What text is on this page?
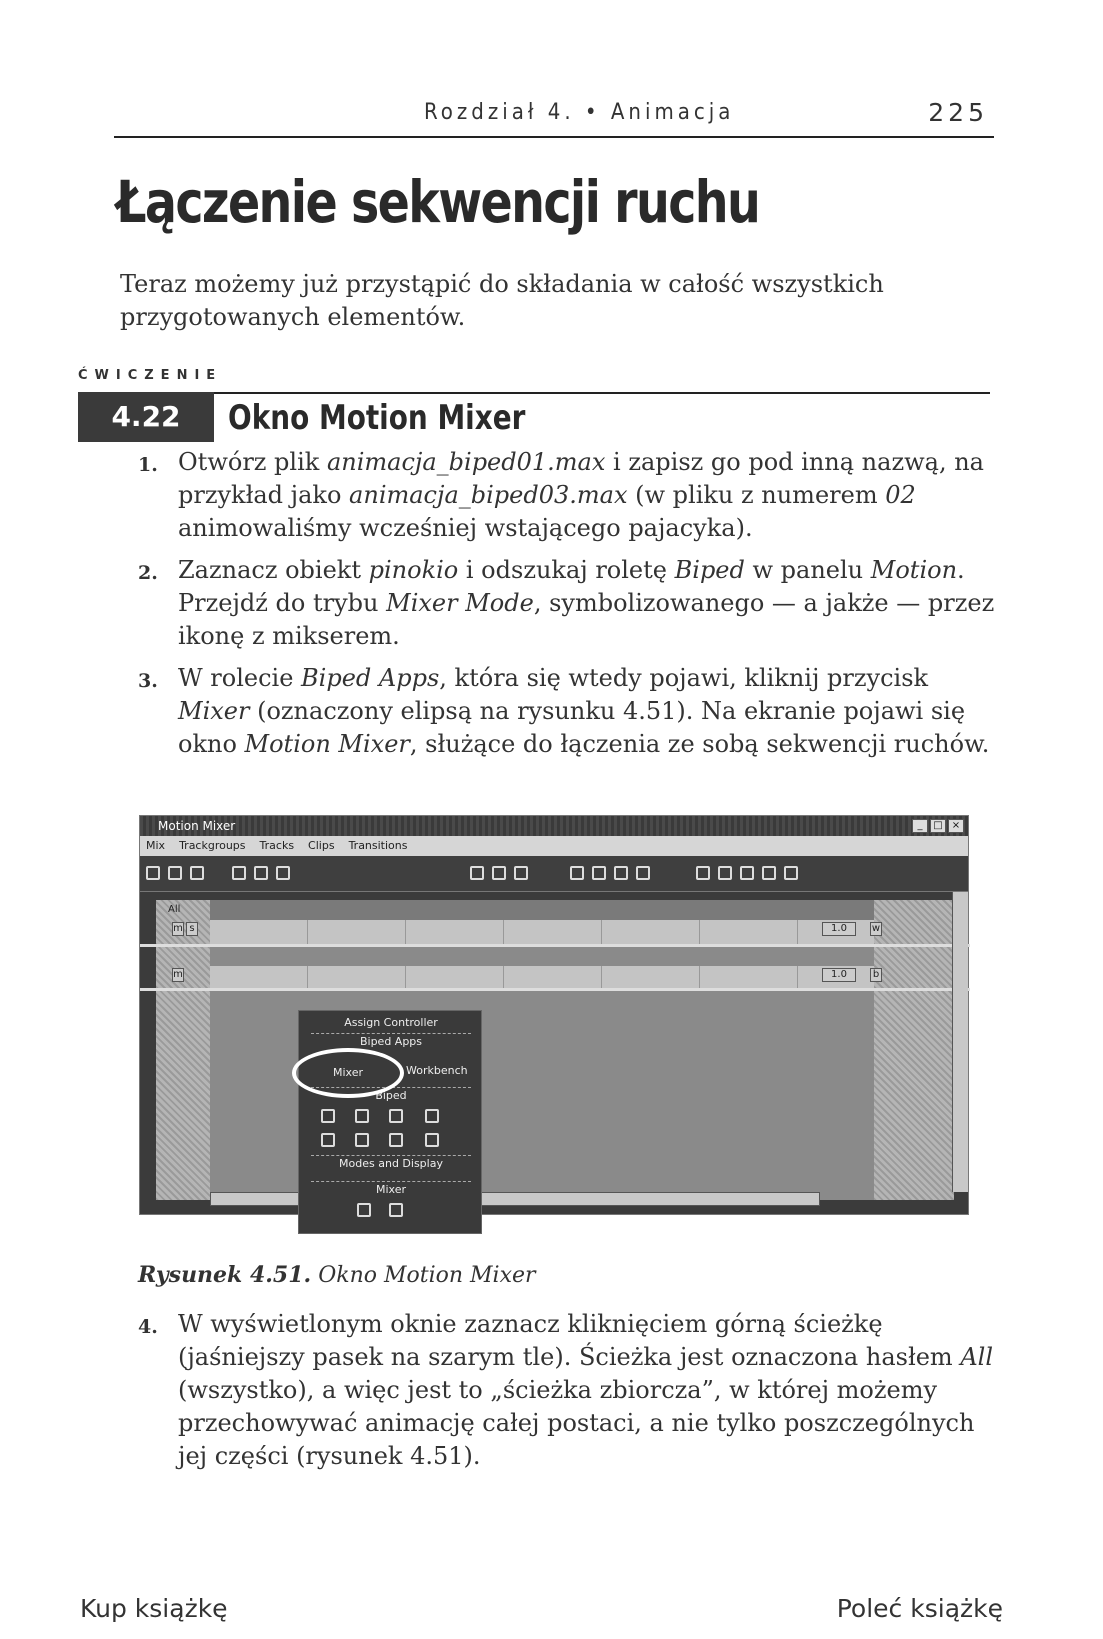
Rozdział 4. • Animacja	225
Łączenie sekwencji ruchu

Teraz możemy już przystąpić do składania w całość wszystkich przygotowanych elementów.

ĆWICZENIE
4.22	Okno Motion Mixer
1. Otwórz plik animacja_biped01.max i zapisz go pod inną nazwą, na przykład jako animacja_biped03.max (w pliku z numerem 02 animowaliśmy wcześniej wstającego pajacyka).
2. Zaznacz obiekt pinokio i odszukaj roletę Biped w panelu Motion. Przejdź do trybu Mixer Mode, symbolizowanego — a jakże — przez ikonę z mikserem.
3. W rolecie Biped Apps, która się wtedy pojawi, kliknij przycisk Mixer (oznaczony elipsą na rysunku 4.51). Na ekranie pojawi się okno Motion Mixer, służące do łączenia ze sobą sekwencji ruchów.
Motion Mixer	_	□ ×
Mix Trackgroups Tracks Clips Transitions
All
m s
m
1.0	w
1.0	b
Assign Controller
Biped Apps
Biped
Modes and Display
Mixer
Mixer	Workbench
Rysunek 4.51. Okno Motion Mixer
4. W wyświetlonym oknie zaznacz kliknięciem górną ścieżkę (jaśniejszy pasek na szarym tle). Ścieżka jest oznaczona hasłem All (wszystko), a więc jest to „ścieżka zbiorcza”, w której możemy przechowywać animację całej postaci, a nie tylko poszczególnych jej części (rysunek 4.51).
Kup książkę	Poleć książkę
